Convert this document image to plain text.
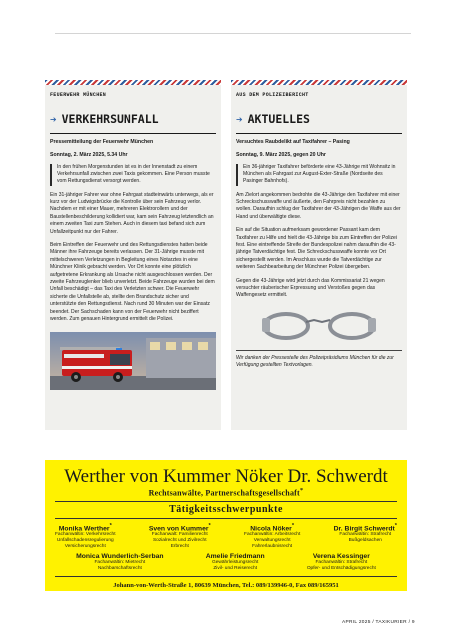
FEUERWEHR MÜNCHEN
➔ VERKEHRSUNFALL
Pressemitteilung der Feuerwehr München
Sonntag, 2. März 2025, 5.34 Uhr
In den frühen Morgenstunden ist es in der Innenstadt zu einem Verkehrsunfall zwischen zwei Taxis gekommen. Eine Person musste vom Rettungsdienst versorgt werden.
Ein 31-jähriger Fahrer war ohne Fahrgast stadteinwärts unterwegs, als er kurz vor der Ludwigsbrücke die Kontrolle über sein Fahrzeug verlor. Nachdem er mit einer Mauer, mehreren Elektrorollern und der Baustellenbeschilderung kollidiert war, kam sein Fahrzeug letztendlich an einem zweiten Taxi zum Stehen. Auch in diesem taxi befand sich zum Unfallzeitpunkt nur der Fahrer.
Beim Eintreffen der Feuerwehr und des Rettungsdienstes hatten beide Männer ihre Fahrzeuge bereits verlassen. Der 31-Jährige musste mit mittelschweren Verletzungen in Begleitung eines Notarztes in eine Münchner Klinik gebracht werden. Vor Ort konnte eine plötzlich aufgetretene Erkrankung als Ursache nicht ausgeschlossen werden. Der zweite Fahrzeuglenker blieb unverletzt. Beide Fahrzeuge wurden bei dem Unfall beschädigt – das Taxi des Verletzten schwer. Die Feuerwehr sicherte die Unfallstelle ab, stellte den Brandschutz sicher und unterstützte den Rettungsdienst. Nach rund 30 Minuten war der Einsatz beendet. Der Sachschaden kann von der Feuerwehr nicht beziffert werden. Zum genauen Hintergrund ermittelt die Polizei.
AUS DEM POLIZEIBERICHT
➔ AKTUELLES
Versuchtes Raubdelikt auf Taxifahrer – Pasing
Sonntag, 9. März 2025, gegen 20 Uhr
Ein 36-jähriger Taxifahrer beförderte eine 43-Jährige mit Wohnsitz in München als Fahrgast zur August-Exter-Straße (Nordseite des Pasinger Bahnhofs).
Am Zielort angekommen bedrohte die 43-Jährige den Taxifahrer mit einer Schreckschusswaffe und äußerte, den Fahrpreis nicht bezahlen zu wollen. Daraufhin schlug der Taxifahrer der 43-Jährigen die Waffe aus der Hand und überwältigte diese.
Ein auf die Situation aufmerksam gewordener Passant kam dem Taxifahrer zu Hilfe und hielt die 43-Jährige bis zum Eintreffen der Polizei fest. Eine eintreffende Streife der Bundespolizei nahm daraufhin die 43-jährige Tatverdächtige fest. Die Schreckschusswaffe konnte vor Ort sichergestellt werden. Im Anschluss wurde die Tatverdächtige zur weiteren Sachbearbeitung der Münchner Polizei übergeben.
Gegen die 43-Jährige wird jetzt durch das Kommissariat 21 wegen versuchter räuberischer Erpressung und Verstoßes gegen das Waffengesetz ermittelt.
Wir danken der Pressestelle des Polizeipräsidiums München für die zur Verfügung gestellten Textvorlagen.
Werther von Kummer Nöker Dr. Schwerdt
Rechtsanwälte, Partnerschaftsgesellschaft*
Tätigkeitsschwerpunkte
Monika Werther*
Fachanwältin: Verkehrsrecht
Unfallschadensregulierung
Versicherungsrecht
Sven von Kummer*
Fachanwalt: Familienrecht
Sozialrecht und Zivilrecht
Erbrecht
Nicola Nöker*
Fachanwältin: Arbeitsrecht
Verwaltungsrecht
Fahrerlaubnisrecht
Dr. Birgit Schwerdt*
Fachanwältin: Strafrecht
Bußgeldsachen
Monica Wunderlich-Serban
Fachanwältin: Mietrecht
Nachbarschaftsrecht
Amelie Friedmann
Gewährleistungsrecht
Zivil- und Reiserecht
Verena Kessinger
Fachanwältin: Strafrecht
Opfer- und Entschädigungsrecht
Johann-von-Werth-Straße 1, 80639 München, Tel.: 089/139946-0, Fax 089/165951
APRIL 2025 / TAXIKURIER / 9
